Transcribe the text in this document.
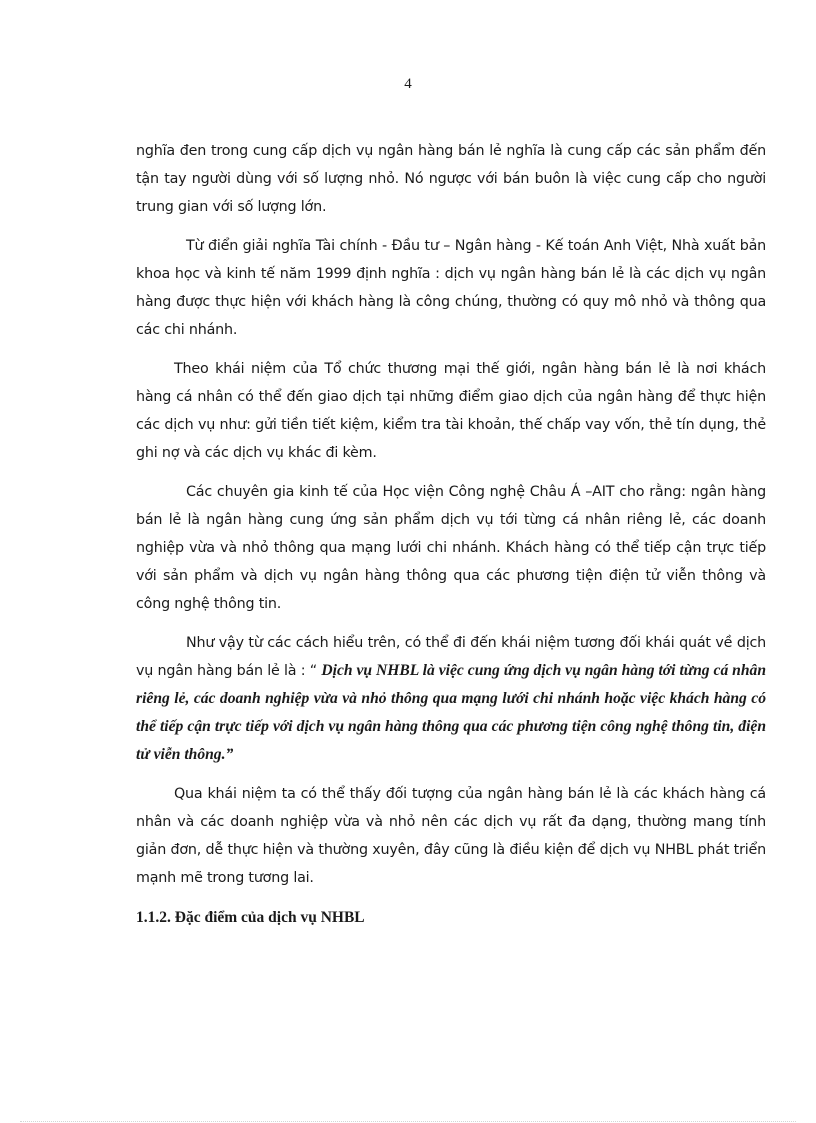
4

nghĩa đen trong cung cấp dịch vụ ngân hàng bán lẻ nghĩa là cung cấp các sản phẩm đến tận tay người dùng với số lượng nhỏ. Nó ngược với bán buôn là việc cung cấp cho người trung gian với số lượng lớn.

Từ điển giải nghĩa Tài chính - Đầu tư – Ngân hàng - Kế toán Anh Việt, Nhà xuất bản khoa học và kinh tế năm 1999 định nghĩa : dịch vụ ngân hàng bán lẻ là các dịch vụ ngân hàng được thực hiện với khách hàng là công chúng, thường có quy mô nhỏ và thông qua các chi nhánh.

Theo khái niệm của Tổ chức thương mại thế giới, ngân hàng bán lẻ là nơi khách hàng cá nhân có thể đến giao dịch tại những điểm giao dịch của ngân hàng để thực hiện các dịch vụ như: gửi tiền tiết kiệm, kiểm tra tài khoản, thế chấp vay vốn, thẻ tín dụng, thẻ ghi nợ và các dịch vụ khác đi kèm.

Các chuyên gia kinh tế của Học viện Công nghệ Châu Á –AIT cho rằng: ngân hàng bán lẻ là ngân hàng cung ứng sản phẩm dịch vụ tới từng cá nhân riêng lẻ, các doanh nghiệp vừa và nhỏ thông qua mạng lưới chi nhánh. Khách hàng có thể tiếp cận trực tiếp với sản phẩm và dịch vụ ngân hàng thông qua các phương tiện điện tử viễn thông và công nghệ thông tin.

Như vậy từ các cách hiểu trên, có thể đi đến khái niệm tương đối khái quát về dịch vụ ngân hàng bán lẻ là : “ Dịch vụ NHBL là việc cung ứng dịch vụ ngân hàng tới từng cá nhân riêng lẻ, các doanh nghiệp vừa và nhỏ thông qua mạng lưới chi nhánh hoặc việc khách hàng có thể tiếp cận trực tiếp với dịch vụ ngân hàng thông qua các phương tiện công nghệ thông tin, điện tử viễn thông.”

Qua khái niệm ta có thể thấy đối tượng của ngân hàng bán lẻ là các khách hàng cá nhân và các doanh nghiệp vừa và nhỏ nên các dịch vụ rất đa dạng, thường mang tính giản đơn, dễ thực hiện và thường xuyên, đây cũng là điều kiện để dịch vụ NHBL phát triển mạnh mẽ trong tương lai.

1.1.2. Đặc điểm của dịch vụ NHBL
